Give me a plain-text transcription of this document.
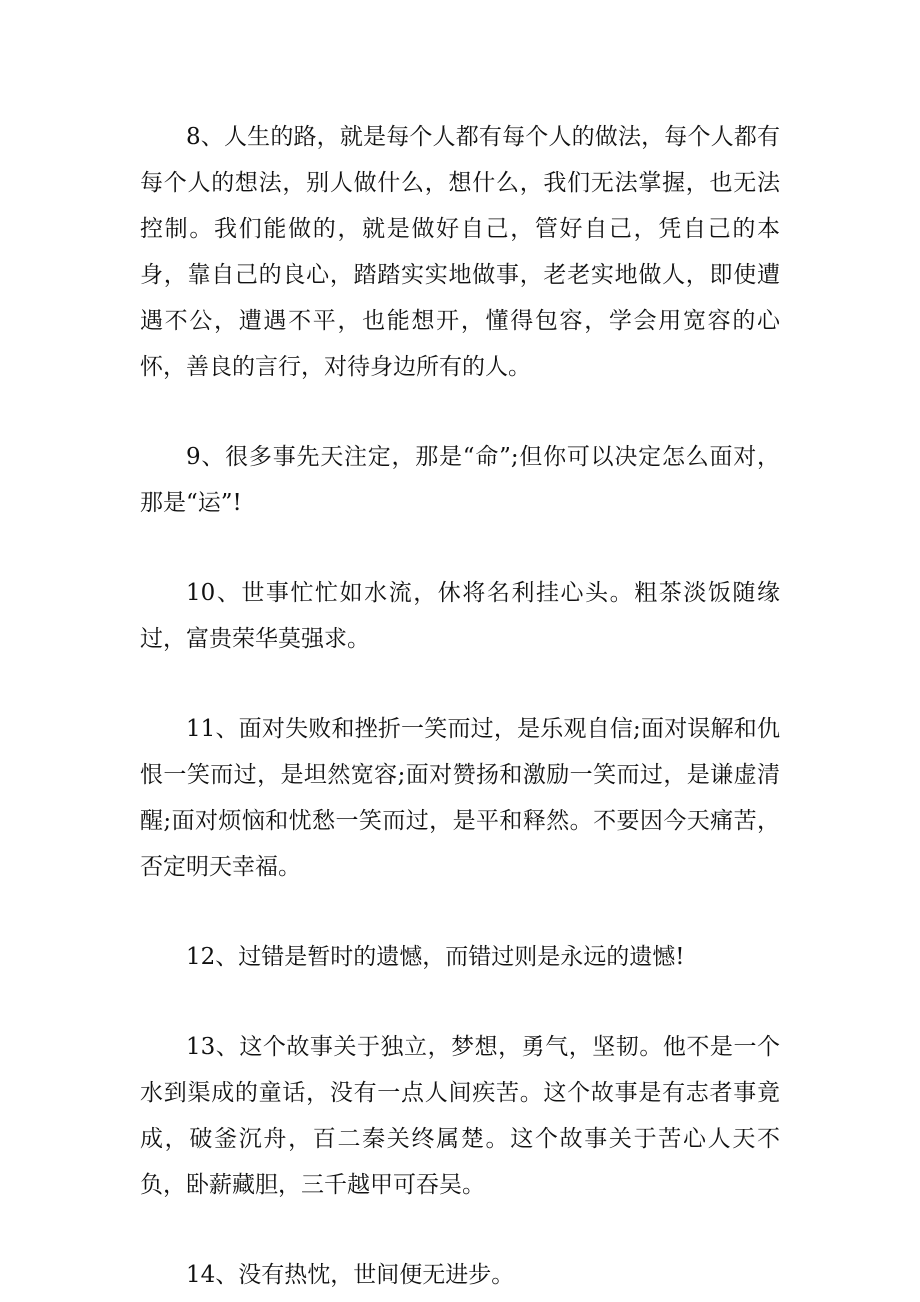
8、人生的路，就是每个人都有每个人的做法，每个人都有每个人的想法，别人做什么，想什么，我们无法掌握，也无法控制。我们能做的，就是做好自己，管好自己，凭自己的本身，靠自己的良心，踏踏实实地做事，老老实地做人，即使遭遇不公，遭遇不平，也能想开，懂得包容，学会用宽容的心怀，善良的言行，对待身边所有的人。

9、很多事先天注定，那是“命”;但你可以决定怎么面对，那是“运”!

10、世事忙忙如水流，休将名利挂心头。粗茶淡饭随缘过，富贵荣华莫强求。

11、面对失败和挫折一笑而过，是乐观自信;面对误解和仇恨一笑而过，是坦然宽容;面对赞扬和激励一笑而过，是谦虚清醒;面对烦恼和忧愁一笑而过，是平和释然。不要因今天痛苦，否定明天幸福。

12、过错是暂时的遗憾，而错过则是永远的遗憾!

13、这个故事关于独立，梦想，勇气，坚韧。他不是一个水到渠成的童话，没有一点人间疾苦。这个故事是有志者事竟成，破釜沉舟，百二秦关终属楚。这个故事关于苦心人天不负，卧薪藏胆，三千越甲可吞吴。

14、没有热忱，世间便无进步。
